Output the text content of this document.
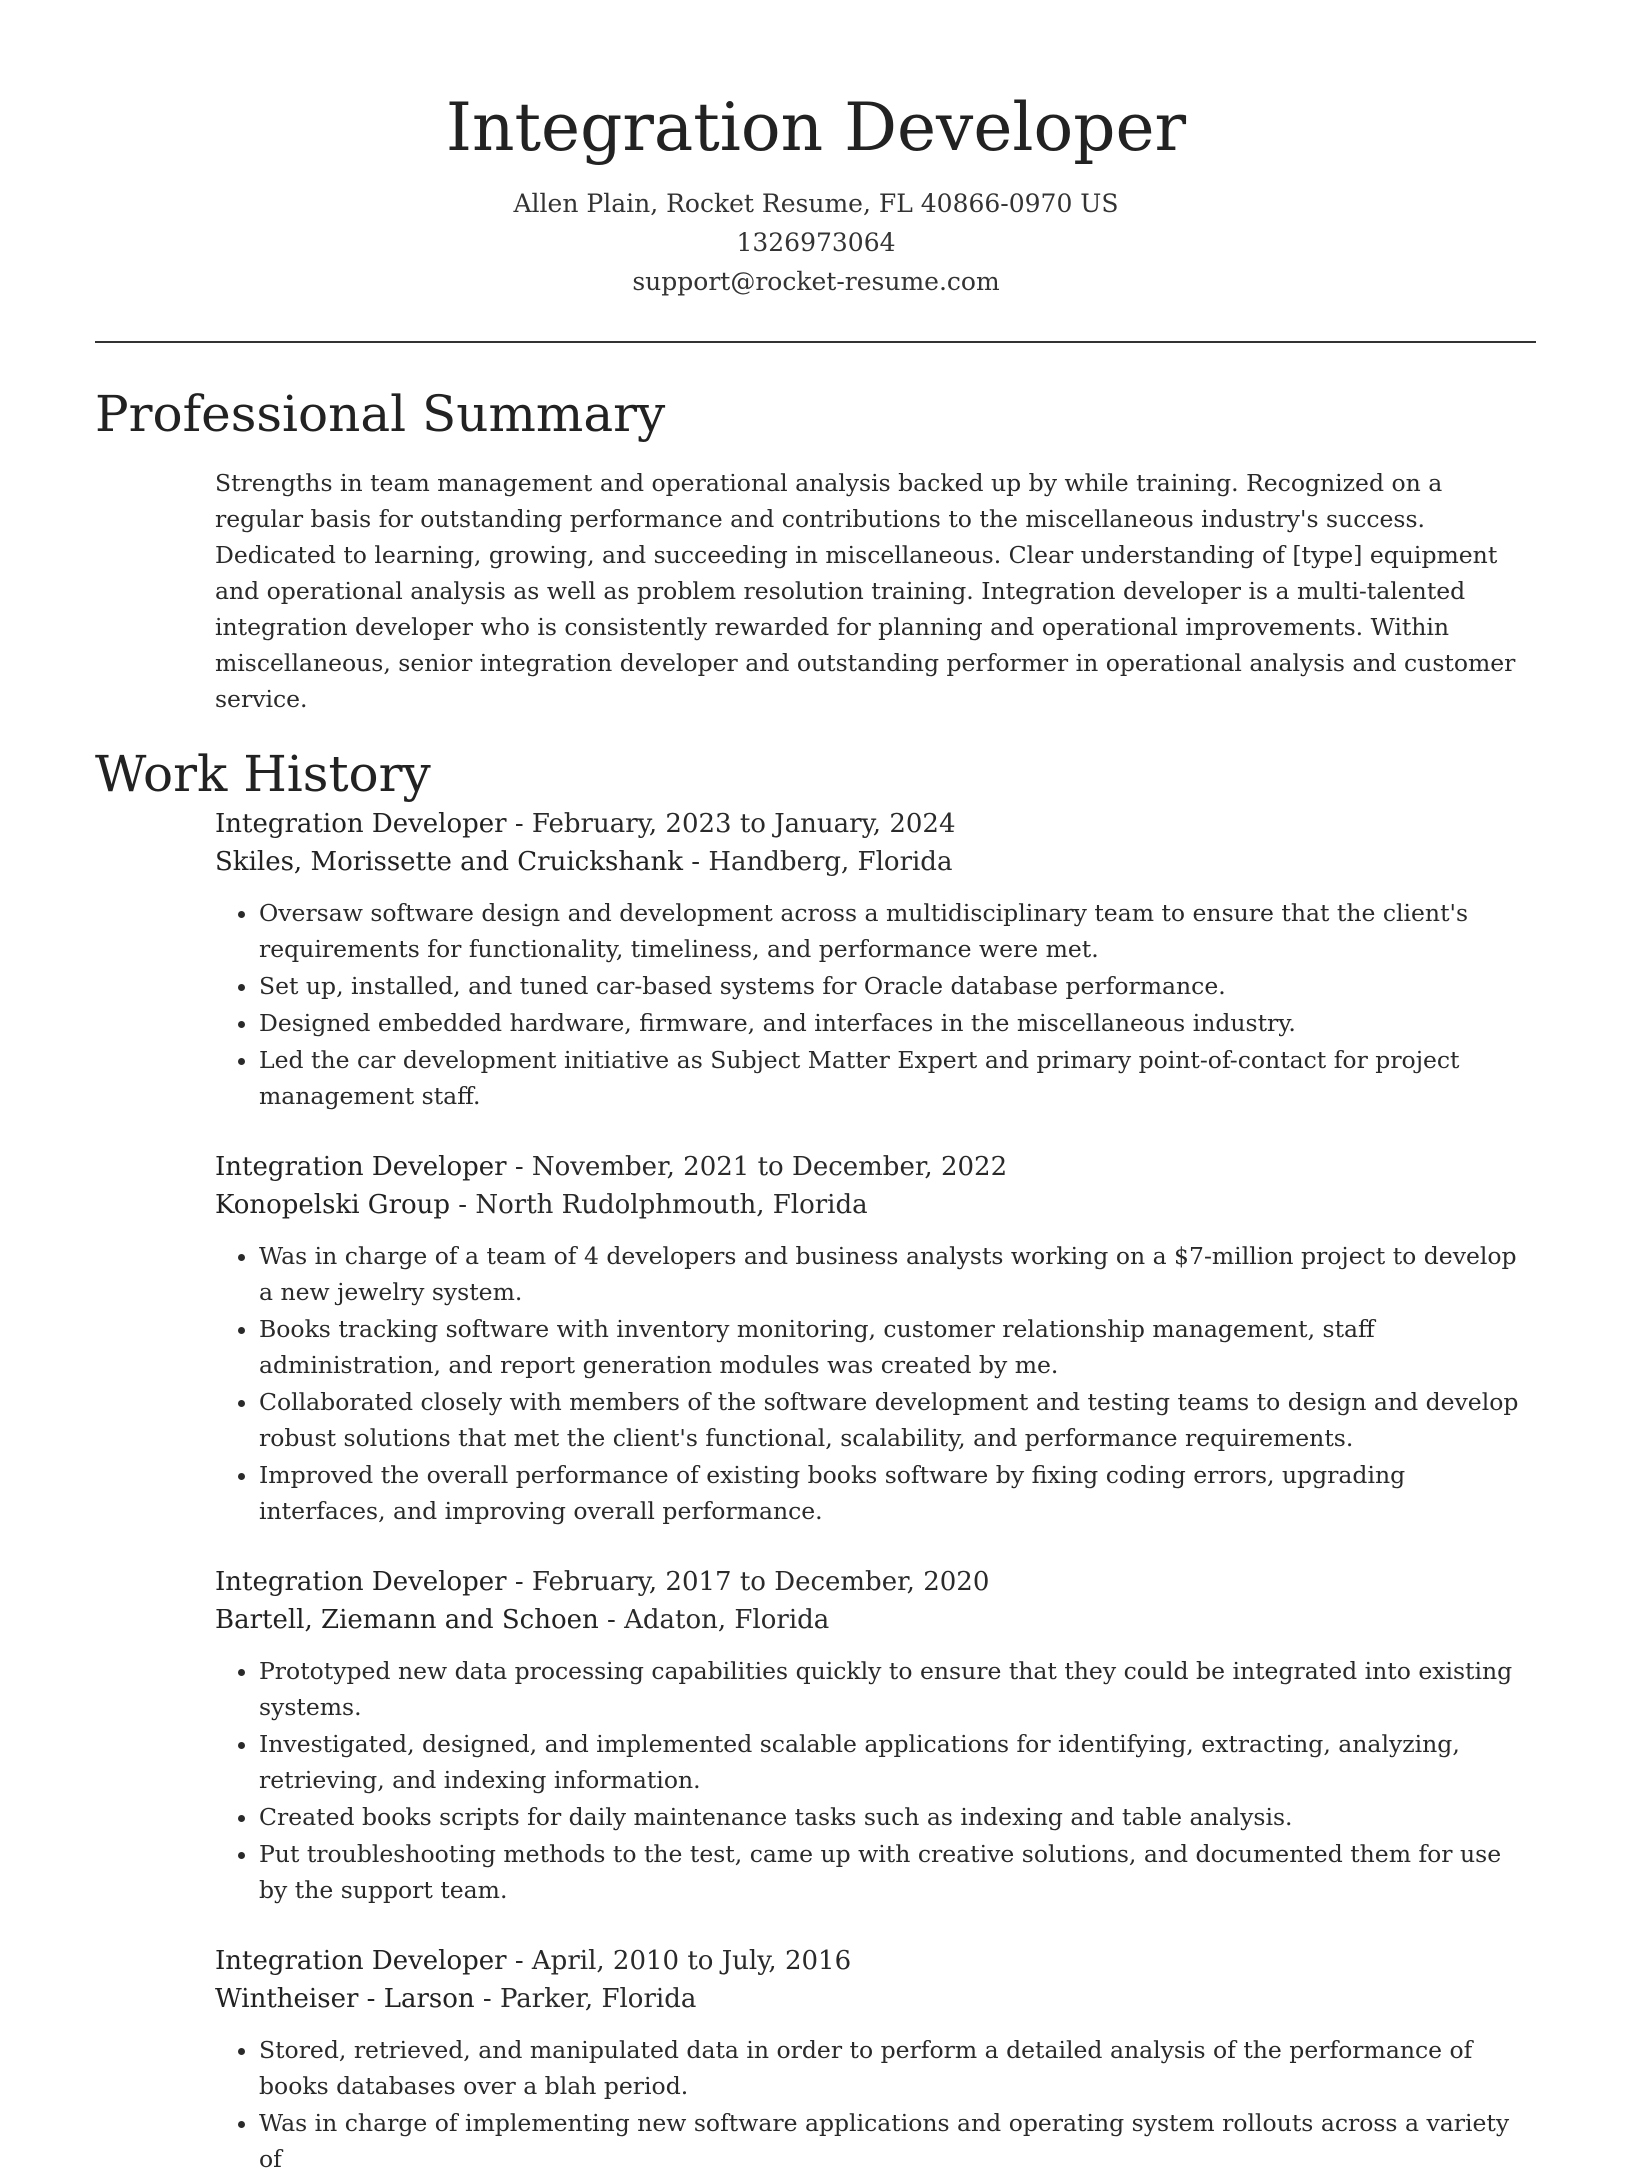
Integration Developer
Allen Plain, Rocket Resume, FL 40866-0970 US
1326973064
support@rocket-resume.com
Professional Summary

Strengths in team management and operational analysis backed up by while training. Recognized on a regular basis for outstanding performance and contributions to the miscellaneous industry's success. Dedicated to learning, growing, and succeeding in miscellaneous. Clear understanding of [type] equipment and operational analysis as well as problem resolution training. Integration developer is a multi-talented integration developer who is consistently rewarded for planning and operational improvements. Within miscellaneous, senior integration developer and outstanding performer in operational analysis and customer service.

Work History
Integration Developer - February, 2023 to January, 2024
Skiles, Morissette and Cruickshank - Handberg, Florida
• Oversaw software design and development across a multidisciplinary team to ensure that the client's requirements for functionality, timeliness, and performance were met.
• Set up, installed, and tuned car-based systems for Oracle database performance.
• Designed embedded hardware, firmware, and interfaces in the miscellaneous industry.
• Led the car development initiative as Subject Matter Expert and primary point-of-contact for project management staff.
Integration Developer - November, 2021 to December, 2022
Konopelski Group - North Rudolphmouth, Florida
• Was in charge of a team of 4 developers and business analysts working on a $7-million project to develop a new jewelry system.
• Books tracking software with inventory monitoring, customer relationship management, staff administration, and report generation modules was created by me.
• Collaborated closely with members of the software development and testing teams to design and develop robust solutions that met the client's functional, scalability, and performance requirements.
• Improved the overall performance of existing books software by fixing coding errors, upgrading interfaces, and improving overall performance.
Integration Developer - February, 2017 to December, 2020
Bartell, Ziemann and Schoen - Adaton, Florida
• Prototyped new data processing capabilities quickly to ensure that they could be integrated into existing systems.
• Investigated, designed, and implemented scalable applications for identifying, extracting, analyzing, retrieving, and indexing information.
• Created books scripts for daily maintenance tasks such as indexing and table analysis.
• Put troubleshooting methods to the test, came up with creative solutions, and documented them for use by the support team.
Integration Developer - April, 2010 to July, 2016
Wintheiser - Larson - Parker, Florida
• Stored, retrieved, and manipulated data in order to perform a detailed analysis of the performance of books databases over a blah period.
• Was in charge of implementing new software applications and operating system rollouts across a variety of
